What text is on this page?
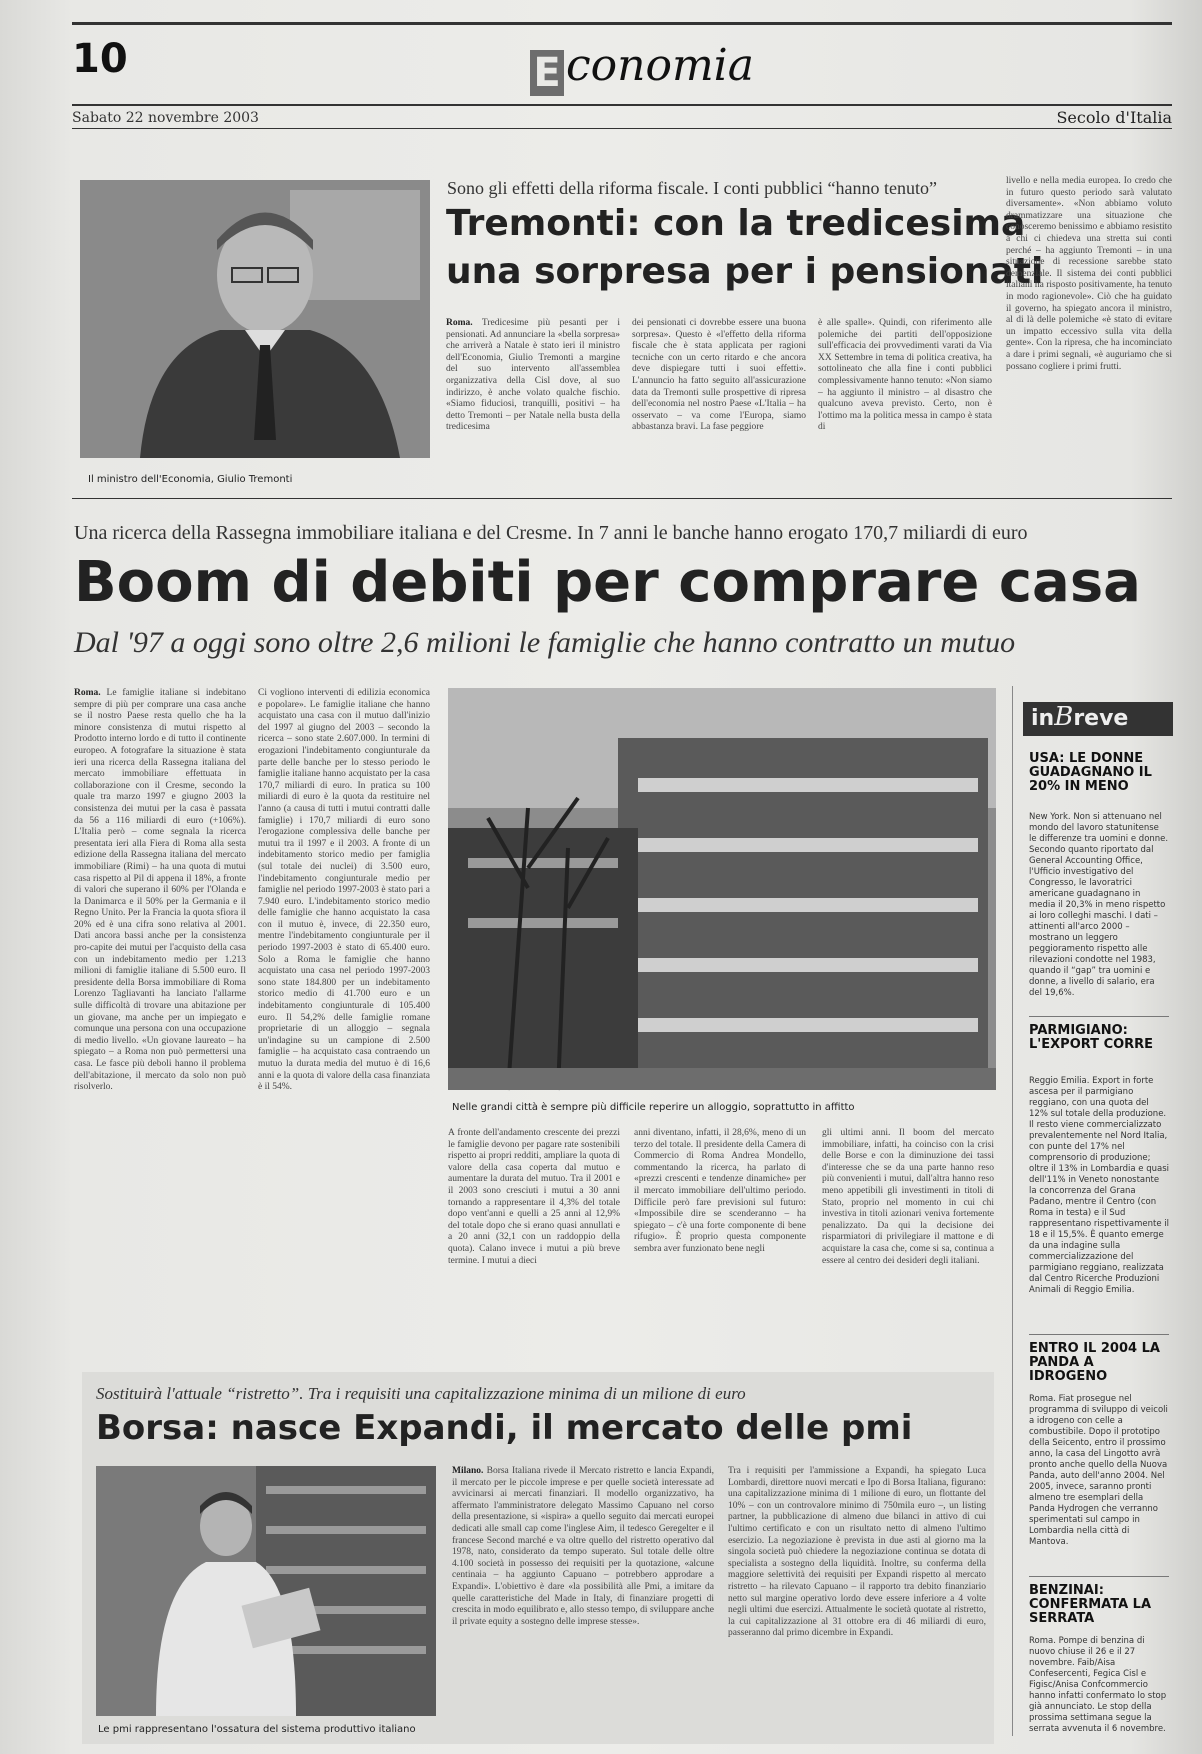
10	E conomia
Sabato 22 novembre 2003	Secolo d'Italia
Il ministro dell'Economia, Giulio Tremonti
Sono gli effetti della riforma fiscale. I conti pubblici “hanno tenuto”
Tremonti: con la tredicesima
una sorpresa per i pensionati
Roma. Tredicesime più pesanti per i pensionati. Ad annunciare la «bella sorpresa» che arriverà a Natale è stato ieri il ministro dell'Economia, Giulio Tremonti a margine del suo intervento all'assemblea organizzativa della Cisl dove, al suo indirizzo, è anche volato qualche fischio. «Siamo fiduciosi, tranquilli, positivi – ha detto Tremonti – per Natale nella busta della tredicesima
dei pensionati ci dovrebbe essere una buona sorpresa». Questo è «l'effetto della riforma fiscale che è stata applicata per ragioni tecniche con un certo ritardo e che ancora deve dispiegare tutti i suoi effetti». L'annuncio ha fatto seguito all'assicurazione data da Tremonti sulle prospettive di ripresa dell'economia nel nostro Paese «L'Italia – ha osservato – va come l'Europa, siamo abbastanza bravi. La fase peggiore
è alle spalle». Quindi, con riferimento alle polemiche dei partiti dell'opposizione sull'efficacia dei provvedimenti varati da Via XX Settembre in tema di politica creativa, ha sottolineato che alla fine i conti pubblici complessivamente hanno tenuto: «Non siamo – ha aggiunto il ministro – al disastro che qualcuno aveva previsto. Certo, non è l'ottimo ma la politica messa in campo è stata di
livello e nella media europea. Io credo che in futuro questo periodo sarà valutato diversamente». «Non abbiamo voluto drammatizzare una situazione che conosceremo benissimo e abbiamo resistito a chi ci chiedeva una stretta sui conti perché – ha aggiunto Tremonti – in una situazione di recessione sarebbe stato demenziale. Il sistema dei conti pubblici italiani ha risposto positivamente, ha tenuto in modo ragionevole». Ciò che ha guidato il governo, ha spiegato ancora il ministro, al di là delle polemiche «è stato di evitare un impatto eccessivo sulla vita della gente». Con la ripresa, che ha incominciato a dare i primi segnali, «è auguriamo che si possano cogliere i primi frutti.
Una ricerca della Rassegna immobiliare italiana e del Cresme. In 7 anni le banche hanno erogato 170,7 miliardi di euro
Boom di debiti per comprare casa
Dal '97 a oggi sono oltre 2,6 milioni le famiglie che hanno contratto un mutuo
Roma. Le famiglie italiane si indebitano sempre di più per comprare una casa anche se il nostro Paese resta quello che ha la minore consistenza di mutui rispetto al Prodotto interno lordo e di tutto il continente europeo. A fotografare la situazione è stata ieri una ricerca della Rassegna italiana del mercato immobiliare effettuata in collaborazione con il Cresme, secondo la quale tra marzo 1997 e giugno 2003 la consistenza dei mutui per la casa è passata da 56 a 116 miliardi di euro (+106%). L'Italia però – come segnala la ricerca presentata ieri alla Fiera di Roma alla sesta edizione della Rassegna italiana del mercato immobiliare (Rimi) – ha una quota di mutui casa rispetto al Pil di appena il 18%, a fronte di valori che superano il 60% per l'Olanda e la Danimarca e il 50% per la Germania e il Regno Unito. Per la Francia la quota sfiora il 20% ed è una cifra sono relativa al 2001. Dati ancora bassi anche per la consistenza pro-capite dei mutui per l'acquisto della casa con un indebitamento medio per 1.213 milioni di famiglie italiane di 5.500 euro. Il presidente della Borsa immobiliare di Roma Lorenzo Tagliavanti ha lanciato l'allarme sulle difficoltà di trovare una abitazione per un giovane, ma anche per un impiegato e comunque una persona con una occupazione di medio livello. «Un giovane laureato – ha spiegato – a Roma non può permettersi una casa. Le fasce più deboli hanno il problema dell'abitazione, il mercato da solo non può risolverlo.
Ci vogliono interventi di edilizia economica e popolare». Le famiglie italiane che hanno acquistato una casa con il mutuo dall'inizio del 1997 al giugno del 2003 – secondo la ricerca – sono state 2.607.000. In termini di erogazioni l'indebitamento congiunturale da parte delle banche per lo stesso periodo le famiglie italiane hanno acquistato per la casa 170,7 miliardi di euro. In pratica su 100 miliardi di euro è la quota da restituire nel l'anno (a causa di tutti i mutui contratti dalle famiglie) i 170,7 miliardi di euro sono l'erogazione complessiva delle banche per mutui tra il 1997 e il 2003. A fronte di un indebitamento storico medio per famiglia (sul totale dei nuclei) di 3.500 euro, l'indebitamento congiunturale medio per famiglie nel periodo 1997-2003 è stato pari a 7.940 euro. L'indebitamento storico medio delle famiglie che hanno acquistato la casa con il mutuo è, invece, di 22.350 euro, mentre l'indebitamento congiunturale per il periodo 1997-2003 è stato di 65.400 euro. Solo a Roma le famiglie che hanno acquistato una casa nel periodo 1997-2003 sono state 184.800 per un indebitamento storico medio di 41.700 euro e un indebitamento congiunturale di 105.400 euro. Il 54,2% delle famiglie romane proprietarie di un alloggio – segnala un'indagine su un campione di 2.500 famiglie – ha acquistato casa contraendo un mutuo la durata media del mutuo è di 16,6 anni e la quota di valore della casa finanziata è il 54%.
Nelle grandi città è sempre più difficile reperire un alloggio, soprattutto in affitto
A fronte dell'andamento crescente dei prezzi le famiglie devono per pagare rate sostenibili rispetto ai propri redditi, ampliare la quota di valore della casa coperta dal mutuo e aumentare la durata del mutuo. Tra il 2001 e il 2003 sono cresciuti i mutui a 30 anni tornando a rappresentare il 4,3% del totale dopo vent'anni e quelli a 25 anni al 12,9% del totale dopo che si erano quasi annullati e a 20 anni (32,1 con un raddoppio della quota). Calano invece i mutui a più breve termine. I mutui a dieci
anni diventano, infatti, il 28,6%, meno di un terzo del totale. Il presidente della Camera di Commercio di Roma Andrea Mondello, commentando la ricerca, ha parlato di «prezzi crescenti e tendenze dinamiche» per il mercato immobiliare dell'ultimo periodo. Difficile però fare previsioni sul futuro: «Impossibile dire se scenderanno – ha spiegato – c'è una forte componente di bene rifugio». È proprio questa componente sembra aver funzionato bene negli
gli ultimi anni. Il boom del mercato immobiliare, infatti, ha coinciso con la crisi delle Borse e con la diminuzione dei tassi d'interesse che se da una parte hanno reso più convenienti i mutui, dall'altra hanno reso meno appetibili gli investimenti in titoli di Stato, proprio nel momento in cui chi investiva in titoli azionari veniva fortemente penalizzato. Da qui la decisione dei risparmiatori di privilegiare il mattone e di acquistare la casa che, come si sa, continua a essere al centro dei desideri degli italiani.
inBreve
USA: LE DONNE GUADAGNANO IL 20% IN MENO
New York. Non si attenuano nel mondo del lavoro statunitense le differenze tra uomini e donne. Secondo quanto riportato dal General Accounting Office, l'Ufficio investigativo del Congresso, le lavoratrici americane guadagnano in media il 20,3% in meno rispetto ai loro colleghi maschi. I dati – attinenti all'arco 2000 – mostrano un leggero peggioramento rispetto alle rilevazioni condotte nel 1983, quando il “gap” tra uomini e donne, a livello di salario, era del 19,6%.
PARMIGIANO: L'EXPORT CORRE
Reggio Emilia. Export in forte ascesa per il parmigiano reggiano, con una quota del 12% sul totale della produzione. Il resto viene commercializzato prevalentemente nel Nord Italia, con punte del 17% nel comprensorio di produzione; oltre il 13% in Lombardia e quasi dell'11% in Veneto nonostante la concorrenza del Grana Padano, mentre il Centro (con Roma in testa) e il Sud rappresentano rispettivamente il 18 e il 15,5%. È quanto emerge da una indagine sulla commercializzazione del parmigiano reggiano, realizzata dal Centro Ricerche Produzioni Animali di Reggio Emilia.
ENTRO IL 2004 LA PANDA A IDROGENO
Roma. Fiat prosegue nel programma di sviluppo di veicoli a idrogeno con celle a combustibile. Dopo il prototipo della Seicento, entro il prossimo anno, la casa del Lingotto avrà pronto anche quello della Nuova Panda, auto dell'anno 2004. Nel 2005, invece, saranno pronti almeno tre esemplari della Panda Hydrogen che verranno sperimentati sul campo in Lombardia nella città di Mantova.
BENZINAI: CONFERMATA LA SERRATA
Roma. Pompe di benzina di nuovo chiuse il 26 e il 27 novembre. Faib/Aisa Confesercenti, Fegica Cisl e Figisc/Anisa Confcommercio hanno infatti confermato lo stop già annunciato. Le stop della prossima settimana segue la serrata avvenuta il 6 novembre.
Sostituirà l'attuale “ristretto”. Tra i requisiti una capitalizzazione minima di un milione di euro
Borsa: nasce Expandi, il mercato delle pmi
Le pmi rappresentano l'ossatura del sistema produttivo italiano
Milano. Borsa Italiana rivede il Mercato ristretto e lancia Expandi, il mercato per le piccole imprese e per quelle società interessate ad avvicinarsi ai mercati finanziari. Il modello organizzativo, ha affermato l'amministratore delegato Massimo Capuano nel corso della presentazione, si «ispira» a quello seguito dai mercati europei dedicati alle small cap come l'inglese Aim, il tedesco Geregelter e il francese Second marché e va oltre quello del ristretto operativo dal 1978, nato, considerato da tempo superato. Sul totale delle oltre 4.100 società in possesso dei requisiti per la quotazione, «alcune centinaia – ha aggiunto Capuano – potrebbero approdare a Expandi». L'obiettivo è dare «la possibilità alle Pmi, a imitare da quelle caratteristiche del Made in Italy, di finanziare progetti di crescita in modo equilibrato e, allo stesso tempo, di sviluppare anche il private equity a sostegno delle imprese stesse».
Tra i requisiti per l'ammissione a Expandi, ha spiegato Luca Lombardi, direttore nuovi mercati e Ipo di Borsa Italiana, figurano: una capitalizzazione minima di 1 milione di euro, un flottante del 10% – con un controvalore minimo di 750mila euro –, un listing partner, la pubblicazione di almeno due bilanci in attivo di cui l'ultimo certificato e con un risultato netto di almeno l'ultimo esercizio. La negoziazione è prevista in due asti al giorno ma la singola società può chiedere la negoziazione continua se dotata di specialista a sostegno della liquidità. Inoltre, su conferma della maggiore selettività dei requisiti per Expandi rispetto al mercato ristretto – ha rilevato Capuano – il rapporto tra debito finanziario netto sul margine operativo lordo deve essere inferiore a 4 volte negli ultimi due esercizi. Attualmente le società quotate al ristretto, la cui capitalizzazione al 31 ottobre era di 46 miliardi di euro, passeranno dal primo dicembre in Expandi.
